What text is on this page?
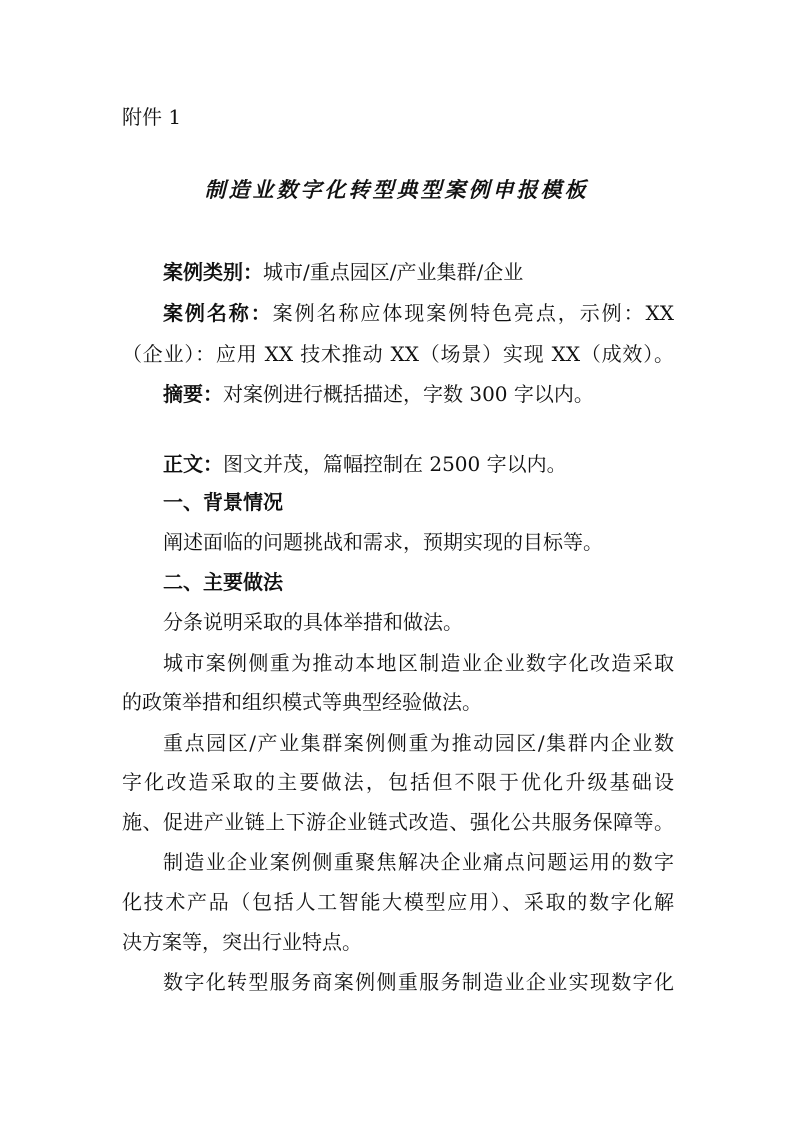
附件 1
制造业数字化转型典型案例申报模板
案例类别：城市/重点园区/产业集群/企业
案例名称：案例名称应体现案例特色亮点，示例：XX
（企业）：应用 XX 技术推动 XX（场景）实现 XX（成效）。
摘要：对案例进行概括描述，字数 300 字以内。
正文：图文并茂，篇幅控制在 2500 字以内。
一、背景情况
阐述面临的问题挑战和需求，预期实现的目标等。
二、主要做法
分条说明采取的具体举措和做法。
城市案例侧重为推动本地区制造业企业数字化改造采取
的政策举措和组织模式等典型经验做法。
重点园区/产业集群案例侧重为推动园区/集群内企业数
字化改造采取的主要做法，包括但不限于优化升级基础设
施、促进产业链上下游企业链式改造、强化公共服务保障等。
制造业企业案例侧重聚焦解决企业痛点问题运用的数字
化技术产品（包括人工智能大模型应用）、采取的数字化解
决方案等，突出行业特点。
数字化转型服务商案例侧重服务制造业企业实现数字化
